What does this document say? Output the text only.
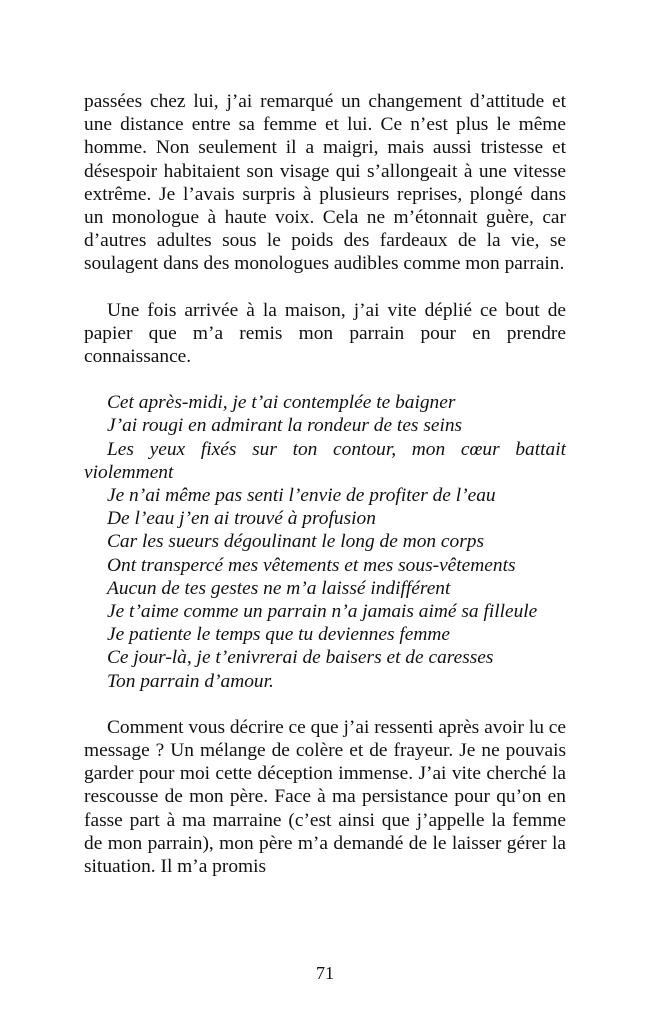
passées chez lui, j’ai remarqué un changement d’attitude et une distance entre sa femme et lui. Ce n’est plus le même homme. Non seulement il a maigri, mais aussi tristesse et désespoir habitaient son visage qui s’allongeait à une vitesse extrême. Je l’avais surpris à plusieurs reprises, plongé dans un monologue à haute voix. Cela ne m’étonnait guère, car d’autres adultes sous le poids des fardeaux de la vie, se soulagent dans des monologues audibles comme mon parrain.

Une fois arrivée à la maison, j’ai vite déplié ce bout de papier que m’a remis mon parrain pour en prendre connaissance.

Cet après-midi, je t’ai contemplée te baigner
J’ai rougi en admirant la rondeur de tes seins
Les yeux fixés sur ton contour, mon cœur battait
violemment
Je n’ai même pas senti l’envie de profiter de l’eau
De l’eau j’en ai trouvé à profusion
Car les sueurs dégoulinant le long de mon corps
Ont transpercé mes vêtements et mes sous-vêtements
Aucun de tes gestes ne m’a laissé indifférent
Je t’aime comme un parrain n’a jamais aimé sa filleule
Je patiente le temps que tu deviennes femme
Ce jour-là, je t’enivrerai de baisers et de caresses
Ton parrain d’amour.

Comment vous décrire ce que j’ai ressenti après avoir lu ce message ? Un mélange de colère et de frayeur. Je ne pouvais garder pour moi cette déception immense. J’ai vite cherché la rescousse de mon père. Face à ma persistance pour qu’on en fasse part à ma marraine (c’est ainsi que j’appelle la femme de mon parrain), mon père m’a demandé de le laisser gérer la situation. Il m’a promis

71
